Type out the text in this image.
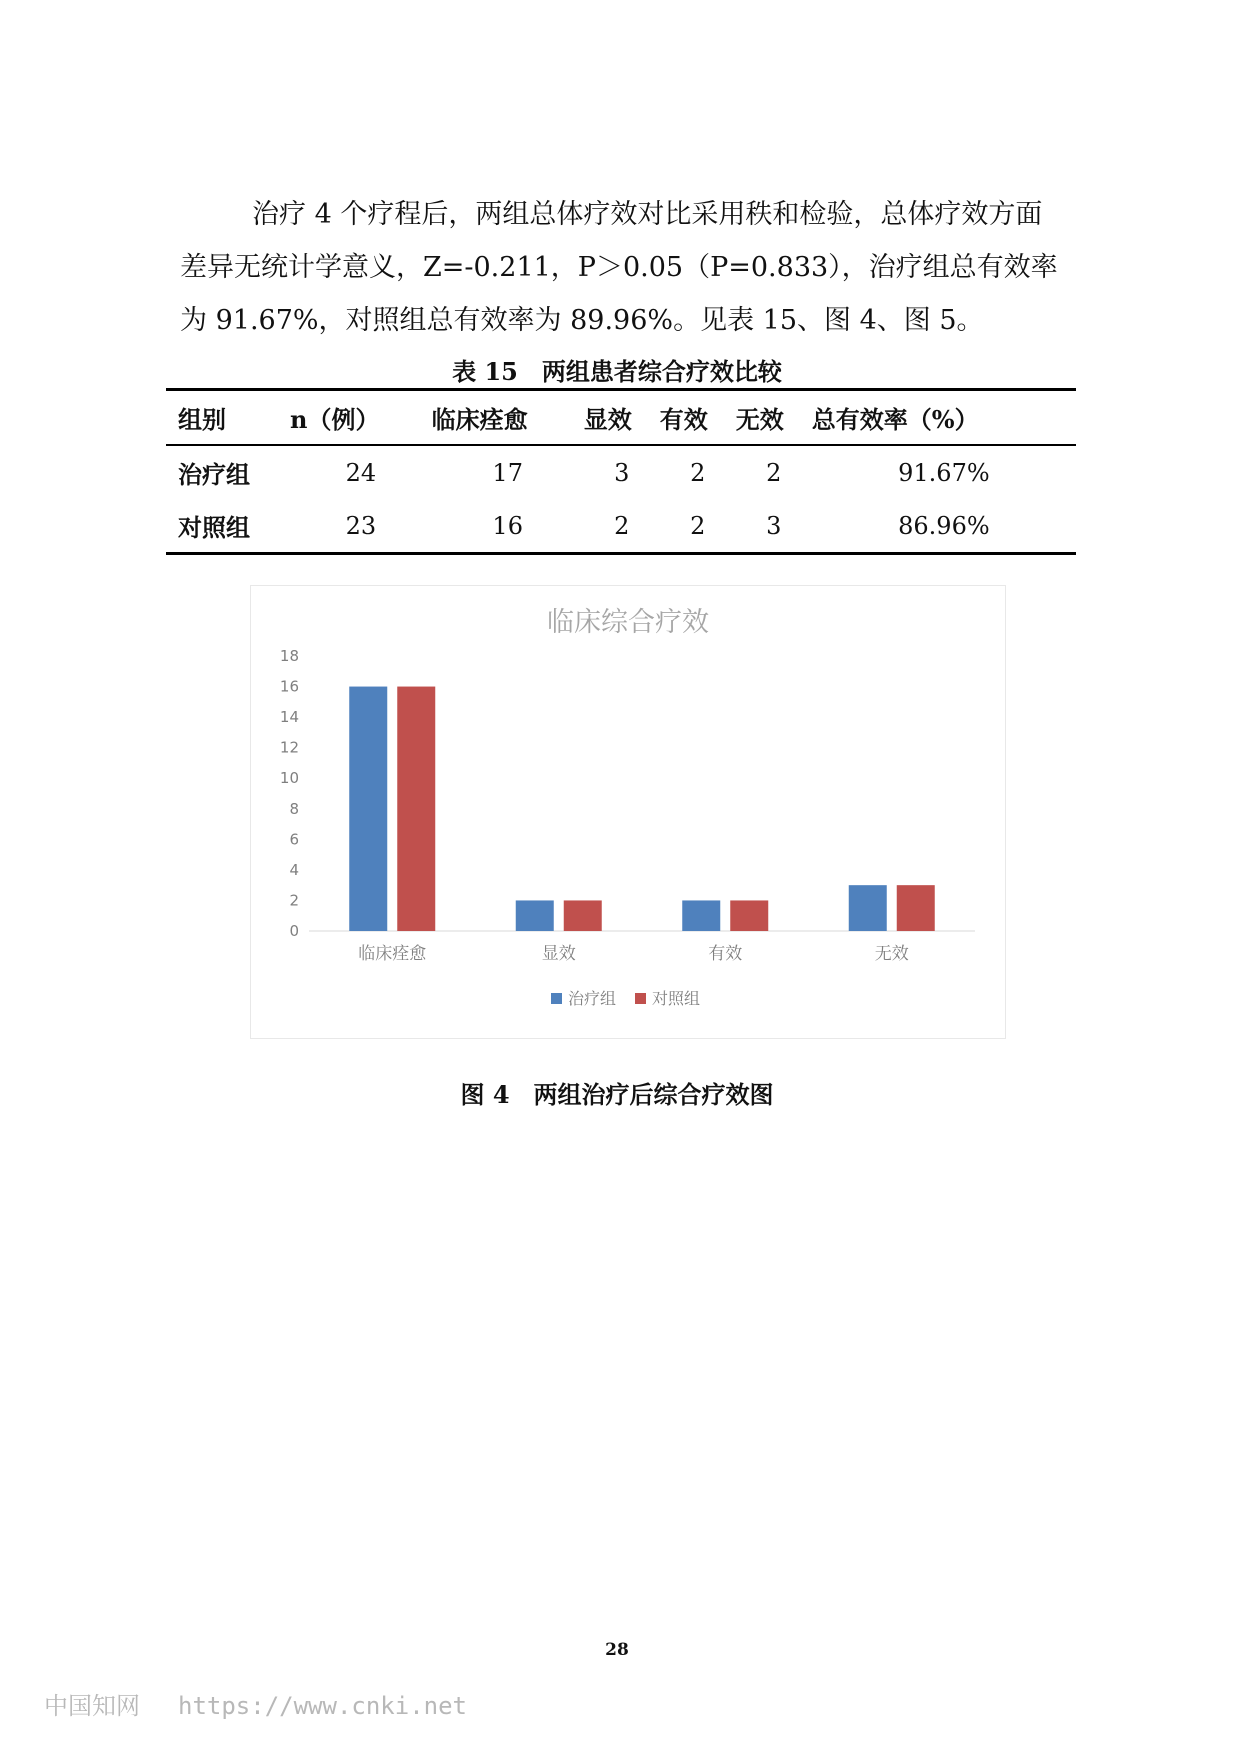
治疗 4 个疗程后，两组总体疗效对比采用秩和检验，总体疗效方面
差异无统计学意义，Z=-0.211，P＞0.05（P=0.833），治疗组总有效率
为 91.67%，对照组总有效率为 89.96%。见表 15、图 4、图 5。

表 15　两组患者综合疗效比较
组别	n（例）	临床痊愈	显效	有效	无效	总有效率（%）
治疗组	24	17	3	2	2	91.67%
对照组	23	16	2	2	3	86.96%
临床综合疗效
0
2
4
6
8
10
12
14
16
18
临床痊愈	显效	有效	无效
治疗组 对照组
图 4　两组治疗后综合疗效图
28
中国知网 https://www.cnki.net
